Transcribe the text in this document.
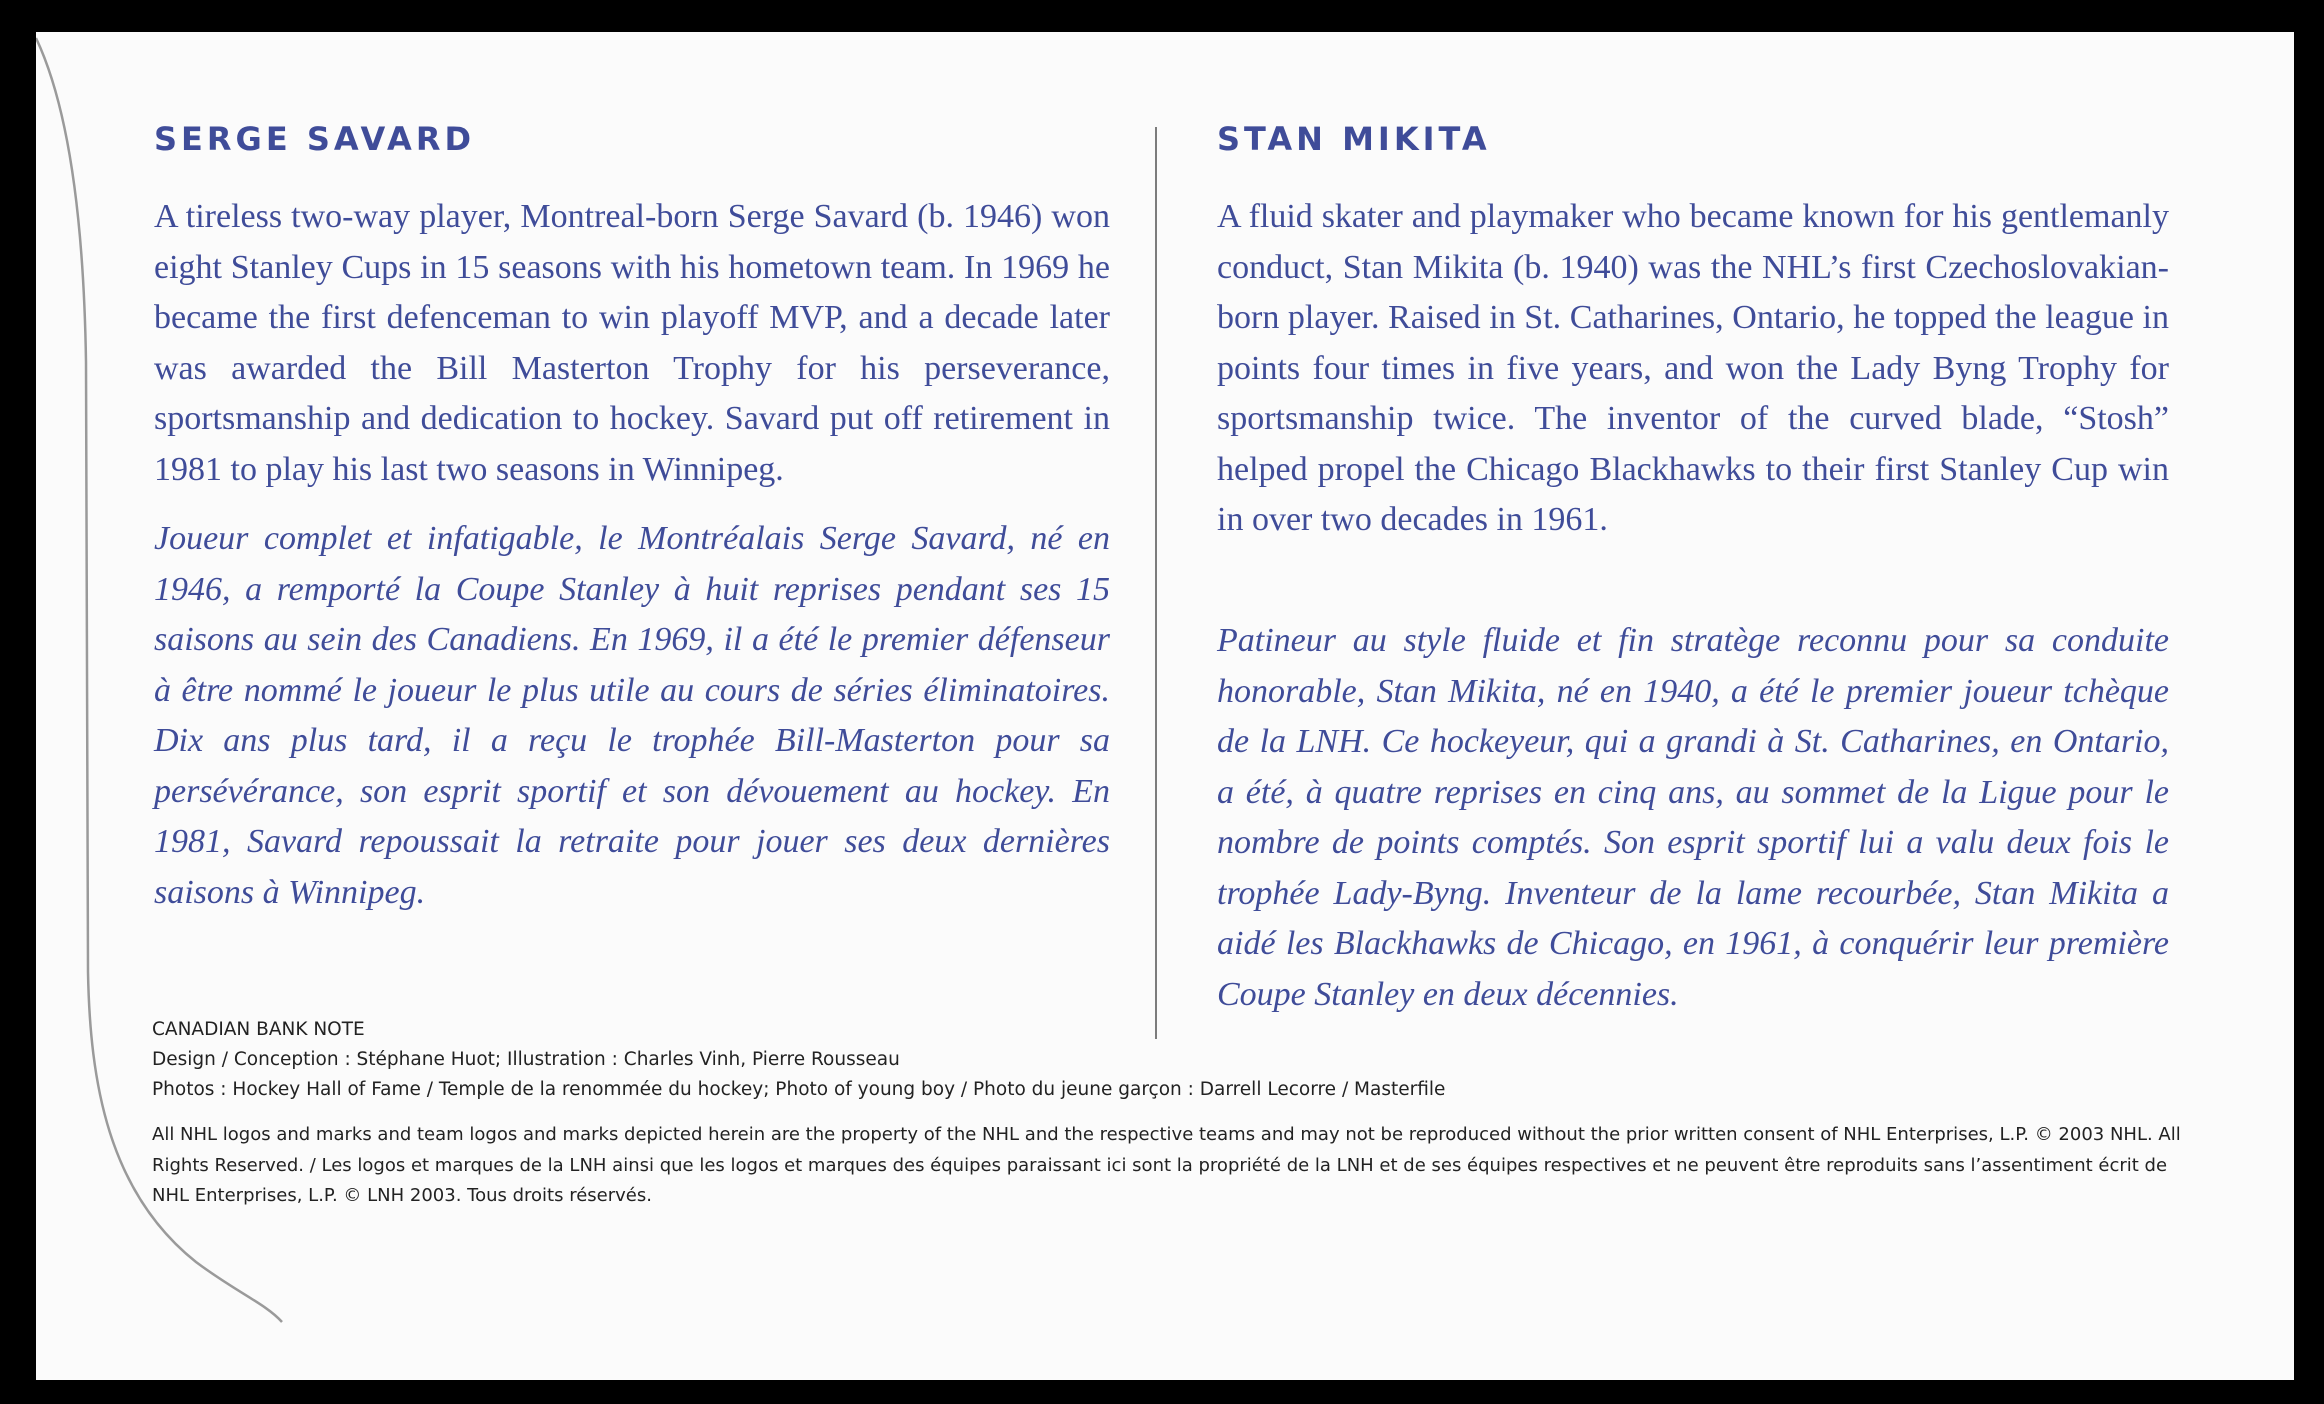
SERGE SAVARD

A tireless two-way player, Montreal-born Serge Savard (b. 1946) won eight Stanley Cups in 15 seasons with his hometown team. In 1969 he became the first defenceman to win playoff MVP, and a decade later was awarded the Bill Masterton Trophy for his perseverance, sportsmanship and dedication to hockey. Savard put off retirement in 1981 to play his last two seasons in Winnipeg.

Joueur complet et infatigable, le Montréalais Serge Savard, né en 1946, a remporté la Coupe Stanley à huit reprises pendant ses 15 saisons au sein des Canadiens. En 1969, il a été le premier défenseur à être nommé le joueur le plus utile au cours de séries éliminatoires. Dix ans plus tard, il a reçu le trophée Bill-Masterton pour sa persévérance, son esprit sportif et son dévouement au hockey. En 1981, Savard repoussait la retraite pour jouer ses deux dernières saisons à Winnipeg.

STAN MIKITA

A fluid skater and playmaker who became known for his gentlemanly conduct, Stan Mikita (b. 1940) was the NHL’s first Czechoslovakian-born player. Raised in St. Catharines, Ontario, he topped the league in points four times in five years, and won the Lady Byng Trophy for sportsmanship twice. The inventor of the curved blade, “Stosh” helped propel the Chicago Blackhawks to their first Stanley Cup win in over two decades in 1961.

Patineur au style fluide et fin stratège reconnu pour sa conduite honorable, Stan Mikita, né en 1940, a été le premier joueur tchèque de la LNH. Ce hockeyeur, qui a grandi à St. Catharines, en Ontario, a été, à quatre reprises en cinq ans, au sommet de la Ligue pour le nombre de points comptés. Son esprit sportif lui a valu deux fois le trophée Lady-Byng. Inventeur de la lame recourbée, Stan Mikita a aidé les Blackhawks de Chicago, en 1961, à conquérir leur première Coupe Stanley en deux décennies.

CANADIAN BANK NOTE

Design / Conception : Stéphane Huot; Illustration : Charles Vinh, Pierre Rousseau

Photos : Hockey Hall of Fame / Temple de la renommée du hockey; Photo of young boy / Photo du jeune garçon : Darrell Lecorre / Masterfile

All NHL logos and marks and team logos and marks depicted herein are the property of the NHL and the respective teams and may not be reproduced without the prior written consent of NHL Enterprises, L.P. © 2003 NHL. All Rights Reserved. / Les logos et marques de la LNH ainsi que les logos et marques des équipes paraissant ici sont la propriété de la LNH et de ses équipes respectives et ne peuvent être reproduits sans l’assentiment écrit de NHL Enterprises, L.P. © LNH 2003. Tous droits réservés.
